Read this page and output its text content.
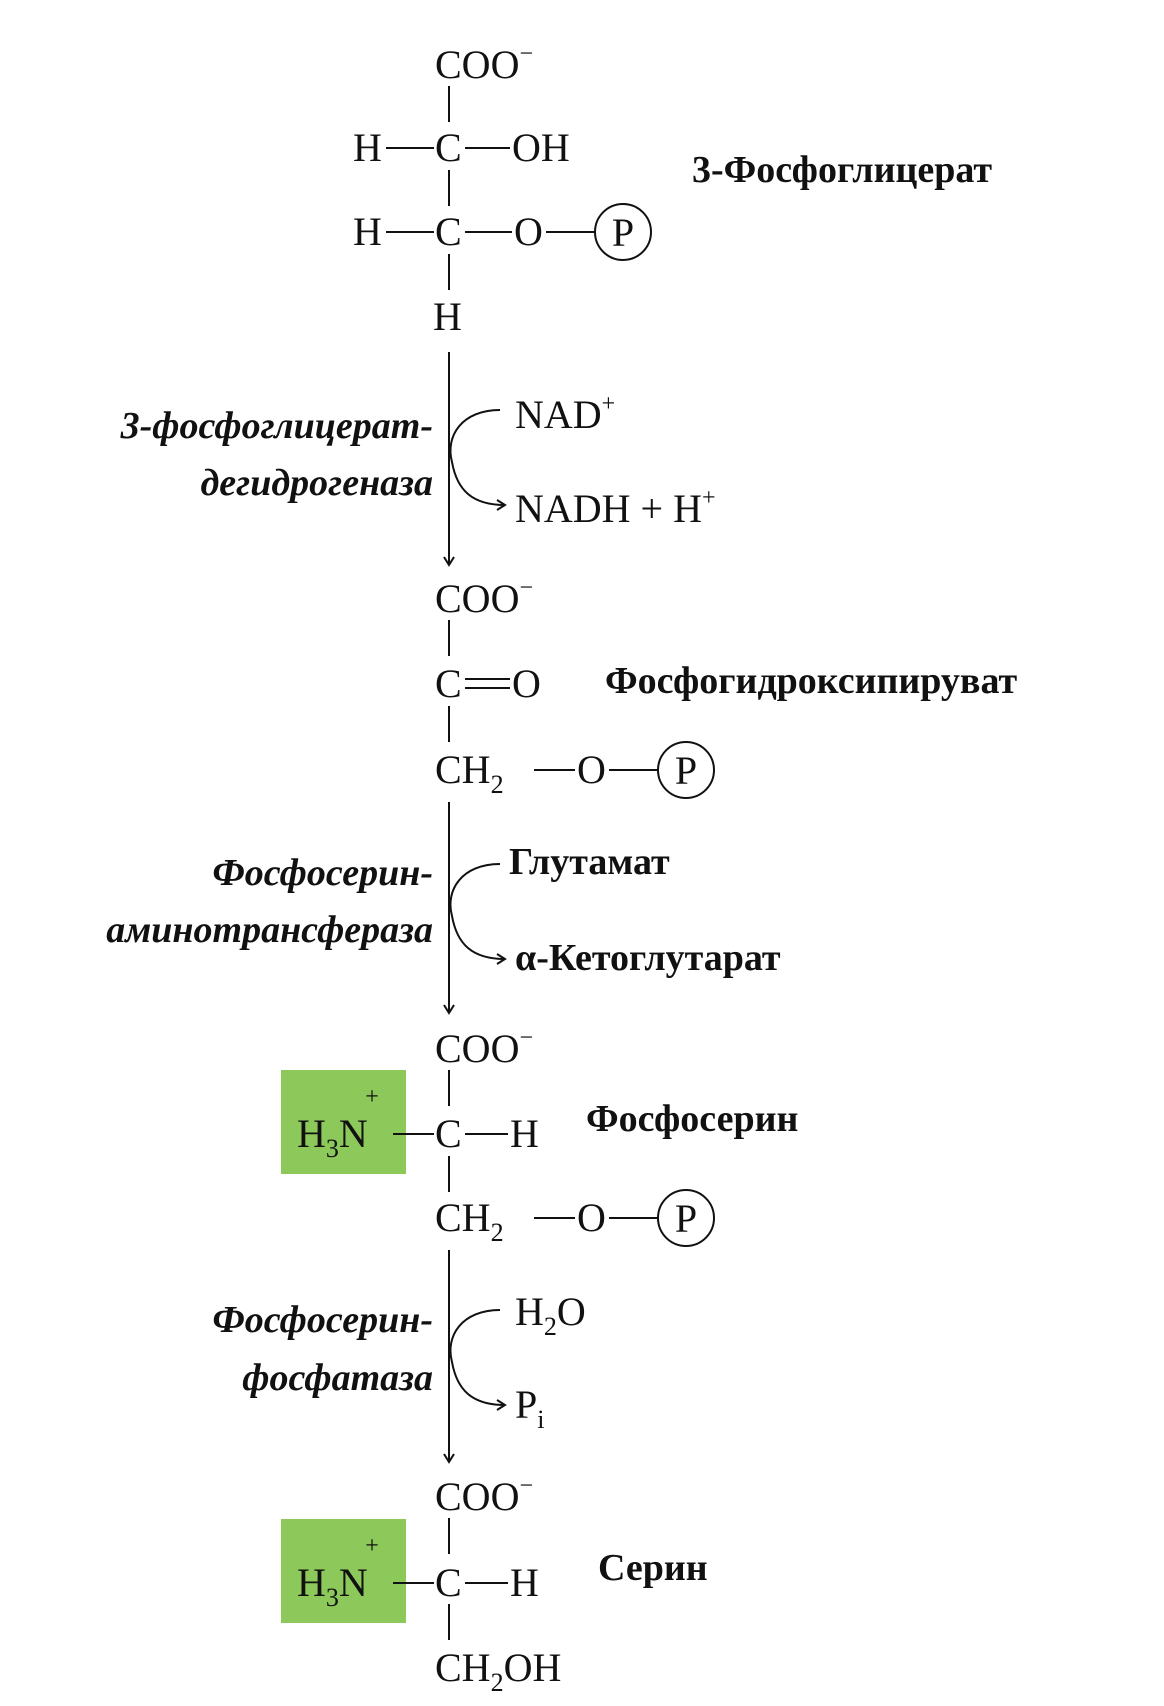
COO−
H C OH
H C O P
H
3-Фосфоглицерат
NAD+
NADH + H+
3-фосфоглицерат-
дегидрогеназа
COO−
C O
$CH_2$ O P
Фосфогидроксипируват
Глутамат
α-Кетоглутарат
Фосфосерин-
аминотрансфераза
COO−
$H_3N$
+
C H
$CH_2$ O P
Фосфосерин
$H_2O$
$P_i$
Фосфосерин-
фосфатаза
COO−
$H_3N$
+
C H
$CH_2OH$
Серин
